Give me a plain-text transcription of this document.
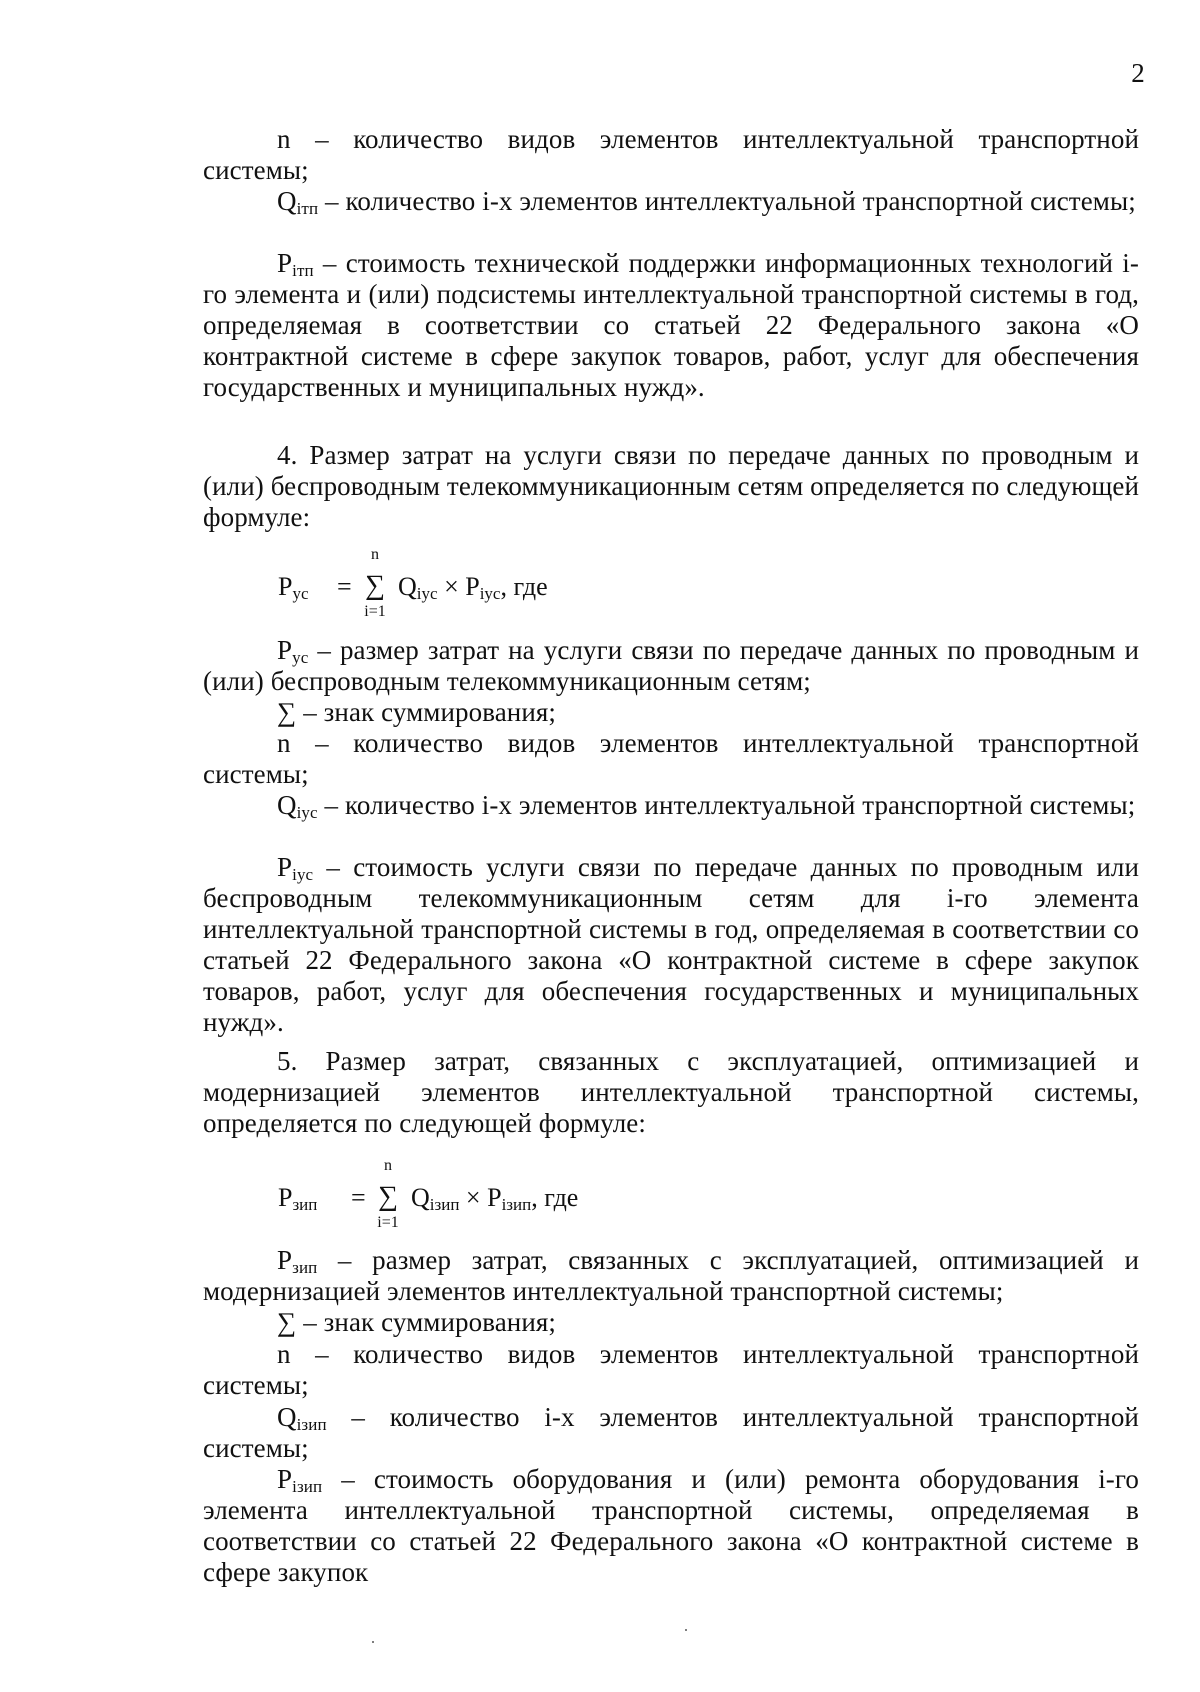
2

n – количество видов элементов интеллектуальной транспортной системы;

$Q_{iтп}$ – количество i-х элементов интеллектуальной транспортной системы;

$P_{iтп}$ – стоимость технической поддержки информационных технологий i-го элемента и (или) подсистемы интеллектуальной транспортной системы в год, определяемая в соответствии со статьей 22 Федерального закона «О контрактной системе в сфере закупок товаров, работ, услуг для обеспечения государственных и муниципальных нужд».

4. Размер затрат на услуги связи по передаче данных по проводным и (или) беспроводным телекоммуникационным сетям определяется по следующей формуле:

$P_{ус}$ =
n
∑
i=1
$Q_{iус} \times P_{iус}$, где

$P_{ус}$ – размер затрат на услуги связи по передаче данных по проводным и (или) беспроводным телекоммуникационным сетям;

∑ – знак суммирования;

n – количество видов элементов интеллектуальной транспортной системы;

$Q_{iус}$ – количество i-х элементов интеллектуальной транспортной системы;

$P_{iус}$ – стоимость услуги связи по передаче данных по проводным или беспроводным телекоммуникационным сетям для i-го элемента интеллектуальной транспортной системы в год, определяемая в соответствии со статьей 22 Федерального закона «О контрактной системе в сфере закупок товаров, работ, услуг для обеспечения государственных и муниципальных нужд».

5. Размер затрат, связанных с эксплуатацией, оптимизацией и модернизацией элементов интеллектуальной транспортной системы, определяется по следующей формуле:

$P_{зип}$ =
n
∑
i=1
$Q_{iзип} \times P_{iзип}$, где

$P_{зип}$ – размер затрат, связанных с эксплуатацией, оптимизацией и модернизацией элементов интеллектуальной транспортной системы;

∑ – знак суммирования;

n – количество видов элементов интеллектуальной транспортной системы;

$Q_{iзип}$ – количество i-х элементов интеллектуальной транспортной системы;

$P_{iзип}$ – стоимость оборудования и (или) ремонта оборудования i-го элемента интеллектуальной транспортной системы, определяемая в соответствии со статьей 22 Федерального закона «О контрактной системе в сфере закупок
